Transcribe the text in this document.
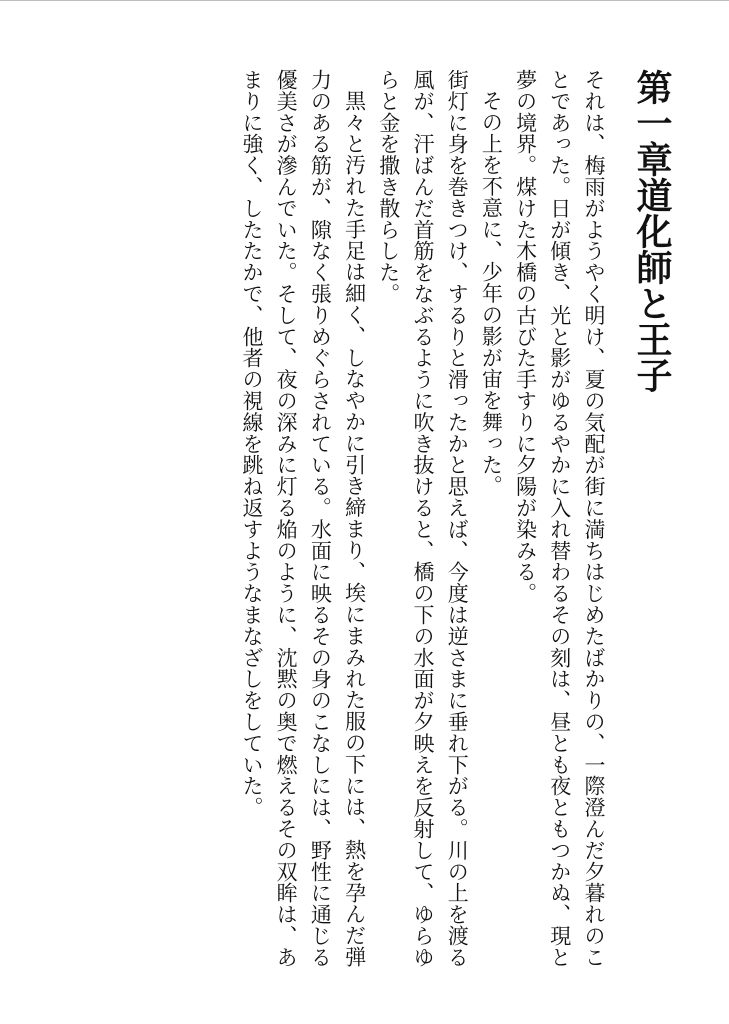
第一章道化師と王子

それは、梅雨がようやく明け、夏の気配が街に満ちはじめたばかりの、一際澄んだ夕暮れのことであった。日が傾き、光と影がゆるやかに入れ替わるその刻は、昼とも夜ともつかぬ、現と夢の境界。煤けた木橋の古びた手すりに夕陽が染みる。

その上を不意に、少年の影が宙を舞った。

街灯に身を巻きつけ、するりと滑ったかと思えば、今度は逆さまに垂れ下がる。川の上を渡る風が、汗ばんだ首筋をなぶるように吹き抜けると、橋の下の水面が夕映えを反射して、ゆらゆらと金を撒き散らした。

黒々と汚れた手足は細く、しなやかに引き締まり、埃にまみれた服の下には、熱を孕んだ弾力のある筋が、隙なく張りめぐらされている。水面に映るその身のこなしには、野性に通じる優美さが滲んでいた。そして、夜の深みに灯る焔のように、沈黙の奥で燃えるその双眸は、あまりに強く、したたかで、他者の視線を跳ね返すようなまなざしをしていた。
